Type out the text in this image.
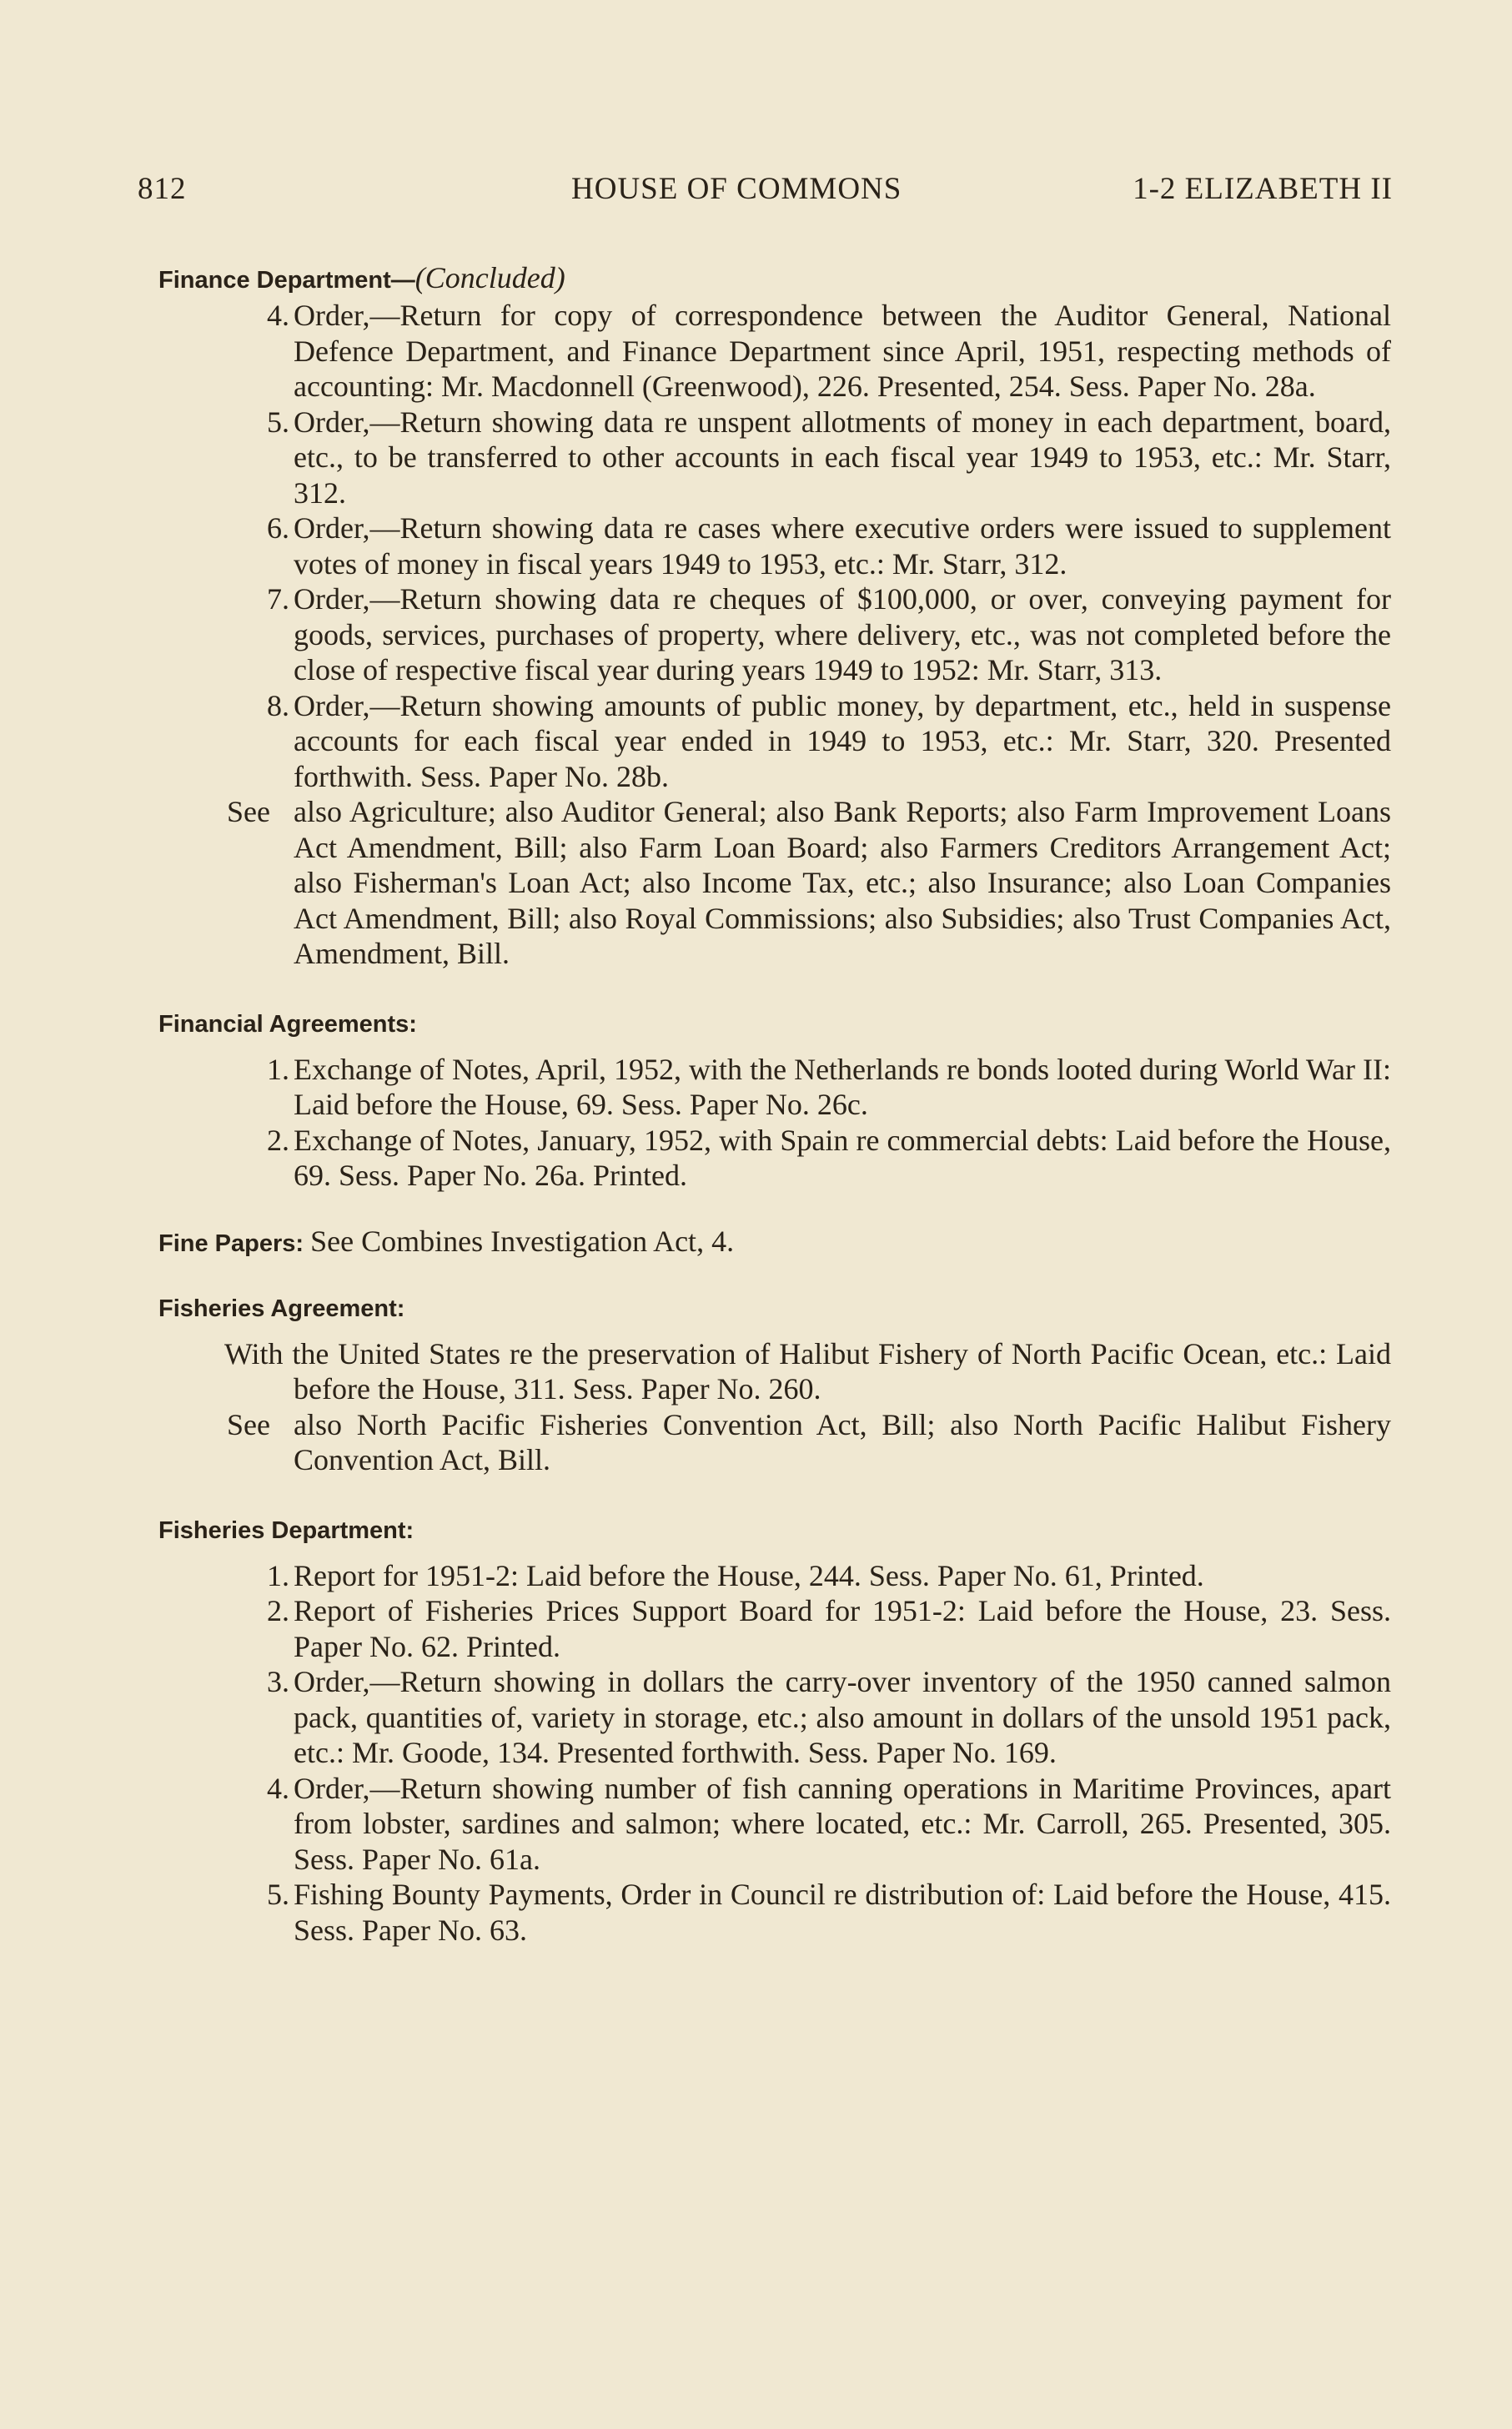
812	HOUSE OF COMMONS	1-2 ELIZABETH II
Finance Department—(Concluded)
4. Order,—Return for copy of correspondence between the Auditor General, National Defence Department, and Finance Department since April, 1951, respecting methods of accounting: Mr. Macdonnell (Greenwood), 226. Presented, 254. Sess. Paper No. 28a.
5. Order,—Return showing data re unspent allotments of money in each department, board, etc., to be transferred to other accounts in each fiscal year 1949 to 1953, etc.: Mr. Starr, 312.
6. Order,—Return showing data re cases where executive orders were issued to supplement votes of money in fiscal years 1949 to 1953, etc.: Mr. Starr, 312.
7. Order,—Return showing data re cheques of $100,000, or over, conveying payment for goods, services, purchases of property, where delivery, etc., was not completed before the close of respective fiscal year during years 1949 to 1952: Mr. Starr, 313.
8. Order,—Return showing amounts of public money, by department, etc., held in suspense accounts for each fiscal year ended in 1949 to 1953, etc.: Mr. Starr, 320. Presented forthwith. Sess. Paper No. 28b.
See also Agriculture; also Auditor General; also Bank Reports; also Farm Improvement Loans Act Amendment, Bill; also Farm Loan Board; also Farmers Creditors Arrangement Act; also Fisherman's Loan Act; also Income Tax, etc.; also Insurance; also Loan Companies Act Amendment, Bill; also Royal Commissions; also Subsidies; also Trust Companies Act, Amendment, Bill.
Financial Agreements:
1. Exchange of Notes, April, 1952, with the Netherlands re bonds looted during World War II: Laid before the House, 69. Sess. Paper No. 26c.
2. Exchange of Notes, January, 1952, with Spain re commercial debts: Laid before the House, 69. Sess. Paper No. 26a. Printed.
Fine Papers: See Combines Investigation Act, 4.
Fisheries Agreement:
With the United States re the preservation of Halibut Fishery of North Pacific Ocean, etc.: Laid before the House, 311. Sess. Paper No. 260.
See also North Pacific Fisheries Convention Act, Bill; also North Pacific Halibut Fishery Convention Act, Bill.
Fisheries Department:
1. Report for 1951-2: Laid before the House, 244. Sess. Paper No. 61, Printed.
2. Report of Fisheries Prices Support Board for 1951-2: Laid before the House, 23. Sess. Paper No. 62. Printed.
3. Order,—Return showing in dollars the carry-over inventory of the 1950 canned salmon pack, quantities of, variety in storage, etc.; also amount in dollars of the unsold 1951 pack, etc.: Mr. Goode, 134. Presented forthwith. Sess. Paper No. 169.
4. Order,—Return showing number of fish canning operations in Maritime Provinces, apart from lobster, sardines and salmon; where located, etc.: Mr. Carroll, 265. Presented, 305. Sess. Paper No. 61a.
5. Fishing Bounty Payments, Order in Council re distribution of: Laid before the House, 415. Sess. Paper No. 63.
